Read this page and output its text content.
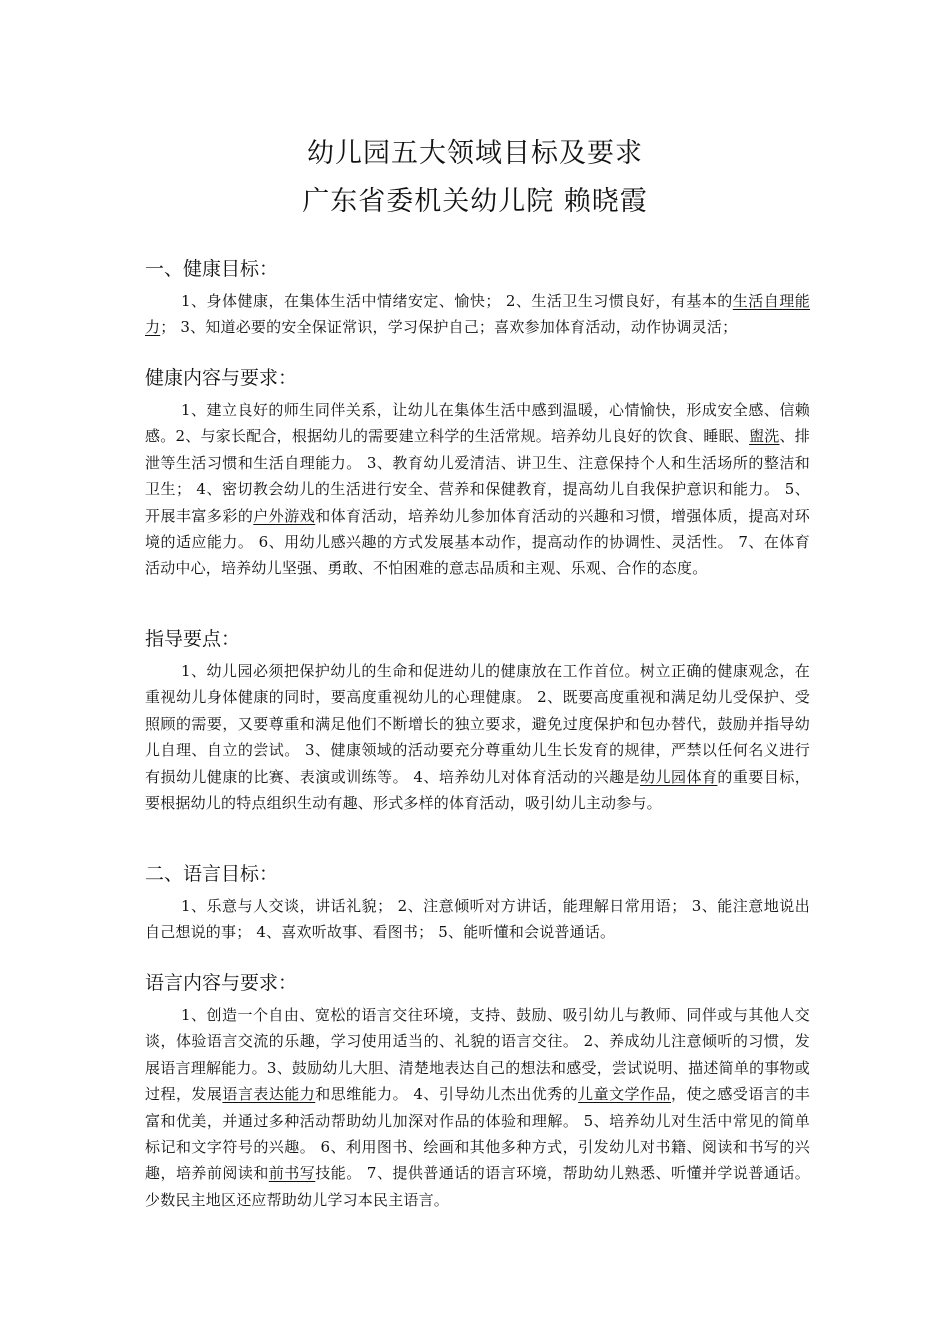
幼儿园五大领域目标及要求
广东省委机关幼儿院 赖晓霞
一、健康目标：

1、身体健康，在集体生活中情绪安定、愉快； 2、生活卫生习惯良好，有基本的生活自理能力； 3、知道必要的安全保证常识，学习保护自己；喜欢参加体育活动，动作协调灵活；

健康内容与要求：

1、建立良好的师生同伴关系，让幼儿在集体生活中感到温暖，心情愉快，形成安全感、信赖感。2、与家长配合，根据幼儿的需要建立科学的生活常规。培养幼儿良好的饮食、睡眠、盥洗、排泄等生活习惯和生活自理能力。 3、教育幼儿爱清洁、讲卫生、注意保持个人和生活场所的整洁和卫生； 4、密切教会幼儿的生活进行安全、营养和保健教育，提高幼儿自我保护意识和能力。 5、开展丰富多彩的户外游戏和体育活动，培养幼儿参加体育活动的兴趣和习惯，增强体质，提高对环境的适应能力。 6、用幼儿感兴趣的方式发展基本动作，提高动作的协调性、灵活性。 7、在体育活动中心，培养幼儿坚强、勇敢、不怕困难的意志品质和主观、乐观、合作的态度。

指导要点：

1、幼儿园必须把保护幼儿的生命和促进幼儿的健康放在工作首位。树立正确的健康观念，在重视幼儿身体健康的同时，要高度重视幼儿的心理健康。 2、既要高度重视和满足幼儿受保护、受照顾的需要，又要尊重和满足他们不断增长的独立要求，避免过度保护和包办替代，鼓励并指导幼儿自理、自立的尝试。 3、健康领域的活动要充分尊重幼儿生长发育的规律，严禁以任何名义进行有损幼儿健康的比赛、表演或训练等。 4、培养幼儿对体育活动的兴趣是幼儿园体育的重要目标，要根据幼儿的特点组织生动有趣、形式多样的体育活动，吸引幼儿主动参与。

二、语言目标：

1、乐意与人交谈，讲话礼貌； 2、注意倾听对方讲话，能理解日常用语； 3、能注意地说出自己想说的事； 4、喜欢听故事、看图书； 5、能听懂和会说普通话。

语言内容与要求：

1、创造一个自由、宽松的语言交往环境，支持、鼓励、吸引幼儿与教师、同伴或与其他人交谈，体验语言交流的乐趣，学习使用适当的、礼貌的语言交往。 2、养成幼儿注意倾听的习惯，发展语言理解能力。3、鼓励幼儿大胆、清楚地表达自己的想法和感受，尝试说明、描述简单的事物或过程，发展语言表达能力和思维能力。 4、引导幼儿杰出优秀的儿童文学作品，使之感受语言的丰富和优美，并通过多种活动帮助幼儿加深对作品的体验和理解。 5、培养幼儿对生活中常见的简单标记和文字符号的兴趣。 6、利用图书、绘画和其他多种方式，引发幼儿对书籍、阅读和书写的兴趣，培养前阅读和前书写技能。 7、提供普通话的语言环境，帮助幼儿熟悉、听懂并学说普通话。少数民主地区还应帮助幼儿学习本民主语言。
